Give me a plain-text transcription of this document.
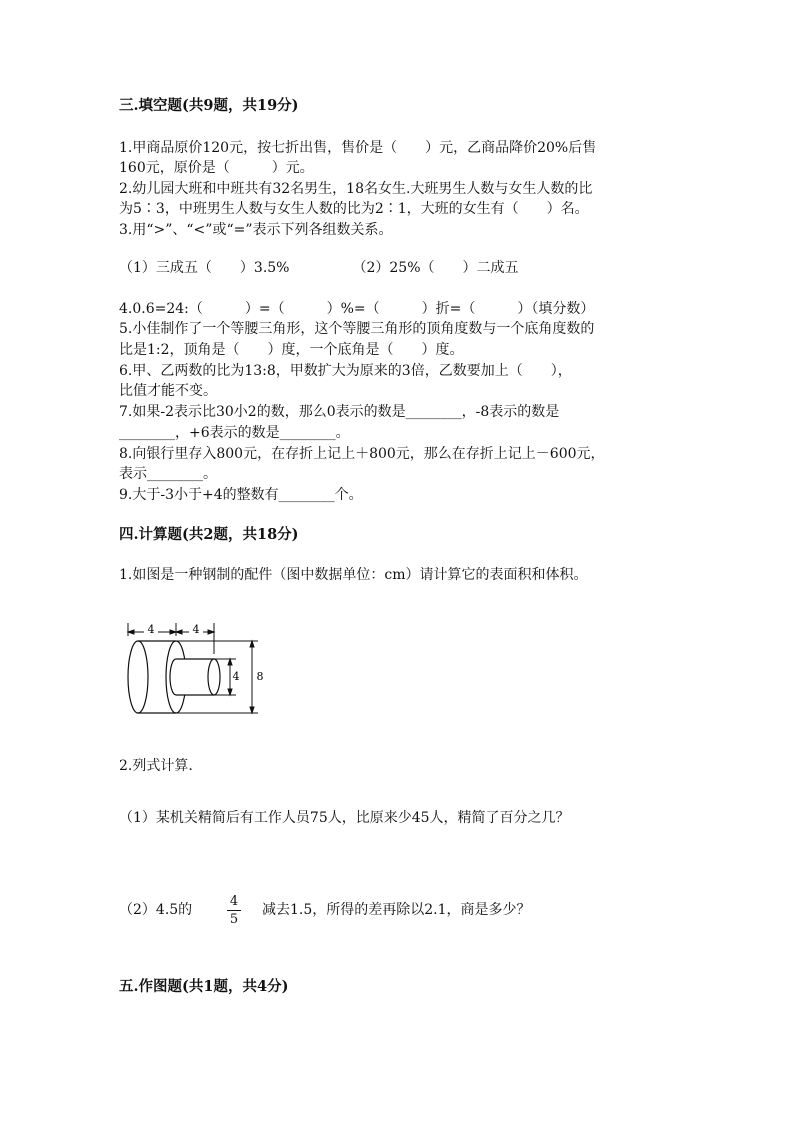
三.填空题(共9题，共19分)
1.甲商品原价120元，按七折出售，售价是（　　）元，乙商品降价20%后售
160元，原价是（　　　）元。
2.幼儿园大班和中班共有32名男生，18名女生.大班男生人数与女生人数的比
为5∶3，中班男生人数与女生人数的比为2∶1，大班的女生有（　　）名。
3.用“>”、“<”或“=”表示下列各组数关系。
（1）三成五（　　）3.5%　　　　　（2）25%（　　）二成五
4.0.6=24:（　　　）=（　　　）%=（　　　）折=（　　　）（填分数）
5.小佳制作了一个等腰三角形，这个等腰三角形的顶角度数与一个底角度数的
比是1:2，顶角是（　　）度，一个底角是（　　）度。
6.甲、乙两数的比为13:8，甲数扩大为原来的3倍，乙数要加上（　　），
比值才能不变。
7.如果-2表示比30小2的数，那么0表示的数是________，-8表示的数是
________，+6表示的数是________。
8.向银行里存入800元，在存折上记上＋800元，那么在存折上记上－600元，
表示________。
9.大于-3小于+4的整数有________个。
四.计算题(共2题，共18分)
1.如图是一种钢制的配件（图中数据单位：cm）请计算它的表面积和体积。
4	4
4 8
2.列式计算.
（1）某机关精简后有工作人员75人，比原来少45人，精简了百分之几？
（2）4.5的
4
5
减去1.5，所得的差再除以2.1，商是多少？
五.作图题(共1题，共4分)
